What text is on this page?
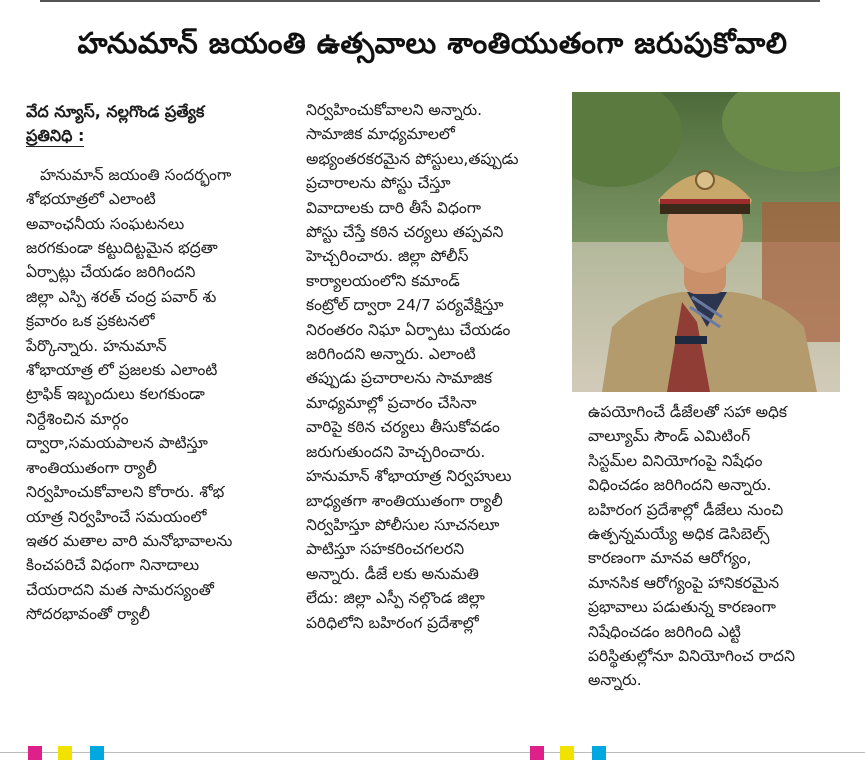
హనుమాన్ జయంతి ఉత్సవాలు శాంతియుతంగా జరుపుకోవాలి

వేద న్యూస్, నల్లగొండ ప్రత్యేక

ప్రతినిధి :

హనుమాన్ జయంతి సందర్భంగా

శోభయాత్రలో ఎలాంటి

అవాంఛనీయ సంఘటనలు

జరగకుండా కట్టుదిట్టమైన భద్రతా

ఏర్పాట్లు చేయడం జరిగిందని

జిల్లా ఎస్పి శరత్ చంద్ర పవార్ శు

క్రవారం ఒక ప్రకటనలో

పేర్కొన్నారు. హనుమాన్

శోభాయాత్ర లో ప్రజలకు ఎలాంటి

ట్రాఫిక్ ఇబ్బందులు కలగకుండా

నిర్దేశించిన మార్గం

ద్వారా,సమయపాలన పాటిస్తూ

శాంతియుతంగా ర్యాలీ

నిర్వహించుకోవాలని కోరారు. శోభ

యాత్ర నిర్వహించే సమయంలో

ఇతర మతాల వారి మనోభావాలను

కించపరిచే విధంగా నినాదాలు

చేయరాదని మత సామరస్యంతో

సోదరభావంతో ర్యాలీ

నిర్వహించుకోవాలని అన్నారు.

సామాజిక మాధ్యమాలలో

అభ్యంతరకరమైన పోస్టులు,తప్పుడు

ప్రచారాలను పోస్టు చేస్తూ

వివాదాలకు దారి తీసే విధంగా

పోస్టు చేస్తే కఠిన చర్యలు తప్పవని

హెచ్చరించారు. జిల్లా పోలీస్

కార్యాలయంలోని కమాండ్

కంట్రోల్ ద్వారా 24/7 పర్యవేక్షిస్తూ

నిరంతరం నిఘా ఏర్పాటు చేయడం

జరిగిందని అన్నారు. ఎలాంటి

తప్పుడు ప్రచారాలను సామాజిక

మాధ్యమాల్లో ప్రచారం చేసినా

వారిపై కఠిన చర్యలు తీసుకోవడం

జరుగుతుందని హెచ్చరించారు.

హనుమాన్ శోభాయాత్ర నిర్వహులు

బాధ్యతగా శాంతియుతంగా ర్యాలీ

నిర్వహిస్తూ పోలీసుల సూచనలూ

పాటిస్తూ సహకరించగలరని

అన్నారు. డీజే లకు అనుమతి

లేదు: జిల్లా ఎస్పీ నల్గొండ జిల్లా

పరిధిలోని బహిరంగ ప్రదేశాల్లో

ఉపయోగించే డీజేలతో సహా అధిక

వాల్యూమ్ సౌండ్ ఎమిటింగ్

సిస్టమ్‌ల వినియోగంపై నిషేధం

విధించడం జరిగిందని అన్నారు.

బహిరంగ ప్రదేశాల్లో డీజేలు నుంచి

ఉత్పన్నమయ్యే అధిక డెసిబెల్స్

కారణంగా మానవ ఆరోగ్యం,

మానసిక ఆరోగ్యంపై హానికరమైన

ప్రభావాలు పడుతున్న కారణంగా

నిషేధించడం జరిగింది ఎట్టి

పరిస్థితుల్లోనూ వినియోగించ రాదని

అన్నారు.
